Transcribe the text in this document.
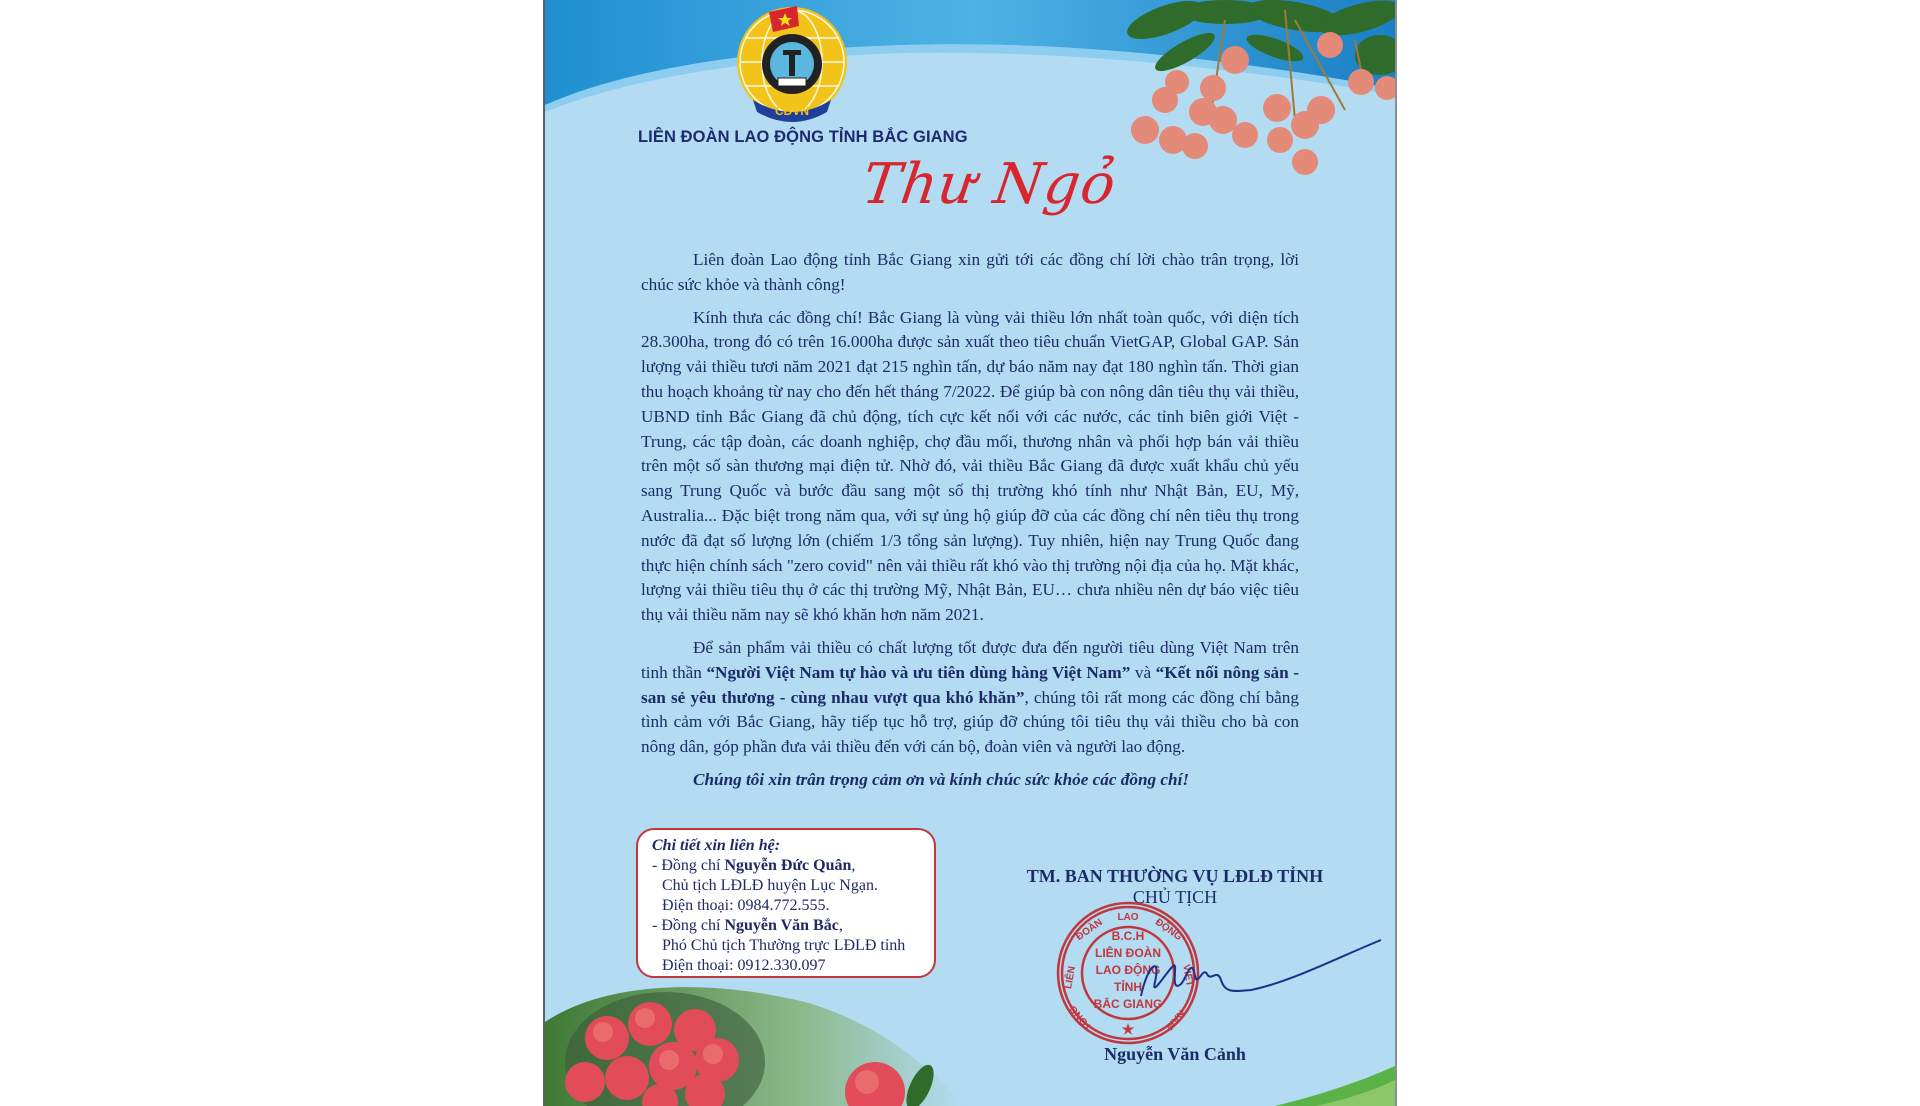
CĐVN
LIÊN ĐOÀN LAO ĐỘNG TỈNH BẮC GIANG
Thư Ngỏ

Liên đoàn Lao động tỉnh Bắc Giang xin gửi tới các đồng chí lời chào trân trọng, lời chúc sức khỏe và thành công!

Kính thưa các đồng chí! Bắc Giang là vùng vải thiều lớn nhất toàn quốc, với diện tích 28.300ha, trong đó có trên 16.000ha được sản xuất theo tiêu chuẩn VietGAP, Global GAP. Sản lượng vải thiều tươi năm 2021 đạt 215 nghìn tấn, dự báo năm nay đạt 180 nghìn tấn. Thời gian thu hoạch khoảng từ nay cho đến hết tháng 7/2022. Để giúp bà con nông dân tiêu thụ vải thiều, UBND tỉnh Bắc Giang đã chủ động, tích cực kết nối với các nước, các tỉnh biên giới Việt - Trung, các tập đoàn, các doanh nghiệp, chợ đầu mối, thương nhân và phối hợp bán vải thiều trên một số sàn thương mại điện tử. Nhờ đó, vải thiều Bắc Giang đã được xuất khẩu chủ yếu sang Trung Quốc và bước đầu sang một số thị trường khó tính như Nhật Bản, EU, Mỹ, Australia... Đặc biệt trong năm qua, với sự ủng hộ giúp đỡ của các đồng chí nên tiêu thụ trong nước đã đạt số lượng lớn (chiếm 1/3 tổng sản lượng). Tuy nhiên, hiện nay Trung Quốc đang thực hiện chính sách "zero covid" nên vải thiều rất khó vào thị trường nội địa của họ. Mặt khác, lượng vải thiều tiêu thụ ở các thị trường Mỹ, Nhật Bản, EU… chưa nhiều nên dự báo việc tiêu thụ vải thiều năm nay sẽ khó khăn hơn năm 2021.

Để sản phẩm vải thiều có chất lượng tốt được đưa đến người tiêu dùng Việt Nam trên tinh thần “Người Việt Nam tự hào và ưu tiên dùng hàng Việt Nam” và “Kết nối nông sản - san sẻ yêu thương - cùng nhau vượt qua khó khăn”, chúng tôi rất mong các đồng chí bằng tình cảm với Bắc Giang, hãy tiếp tục hỗ trợ, giúp đỡ chúng tôi tiêu thụ vải thiều cho bà con nông dân, góp phần đưa vải thiều đến với cán bộ, đoàn viên và người lao động.

Chúng tôi xin trân trọng cảm ơn và kính chúc sức khỏe các đồng chí!

Chi tiết xin liên hệ:
- Đồng chí Nguyễn Đức Quân,
Chủ tịch LĐLĐ huyện Lục Ngạn.
Điện thoại: 0984.772.555.
- Đồng chí Nguyễn Văn Bắc,
Phó Chủ tịch Thường trực LĐLĐ tỉnh
Điện thoại: 0912.330.097
TM. BAN THƯỜNG VỤ LĐLĐ TỈNH
CHỦ TỊCH
B.C.H
LIÊN ĐOÀN
LAO ĐỘNG
TỈNH
BẮC GIANG
LAO
ĐOÀN	ĐỘNG
LIÊN	VIỆT
TỔNG	NAM
★
Nguyễn Văn Cảnh
